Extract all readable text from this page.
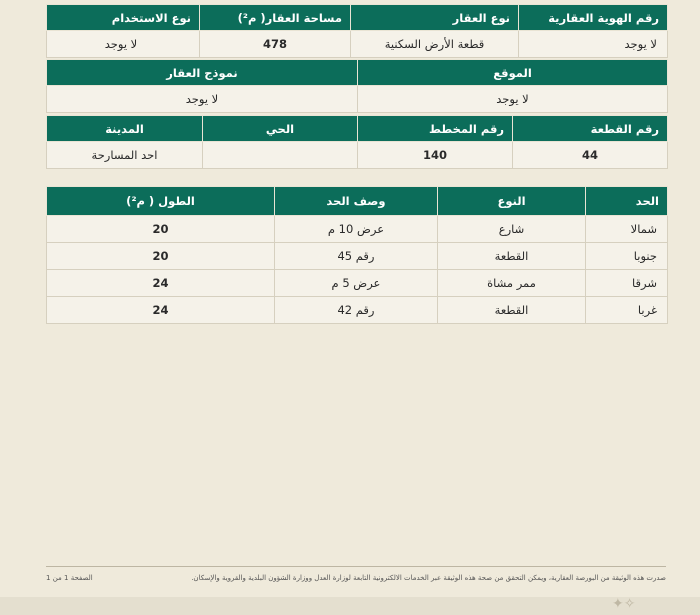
رقم الهوية العقارية	نوع العقار	مساحة العقار( م²)	نوع الاستخدام
لا يوجد	قطعة الأرض السكنية	478	لا يوجد
الموقع	نموذج العقار
لا يوجد	لا يوجد
رقم القطعة	رقم المخطط	الحي	المدينة
44	140		احد المسارحة
الحد	النوع	وصف الحد	الطول ( م²)
شمالا	شارع	عرض 10 م	20
جنوبا	القطعة	رقم 45	20
شرقا	ممر مشاة	عرض 5 م	24
غربا	القطعة	رقم 42	24
صدرت هذه الوثيقة من البورصة العقارية، ويمكن التحقق من صحة هذه الوثيقة عبر الخدمات الالكترونية التابعة لوزارة العدل ووزارة الشؤون البلدية والقروية والإسكان.
الصفحة 1 من 1
✦✧
